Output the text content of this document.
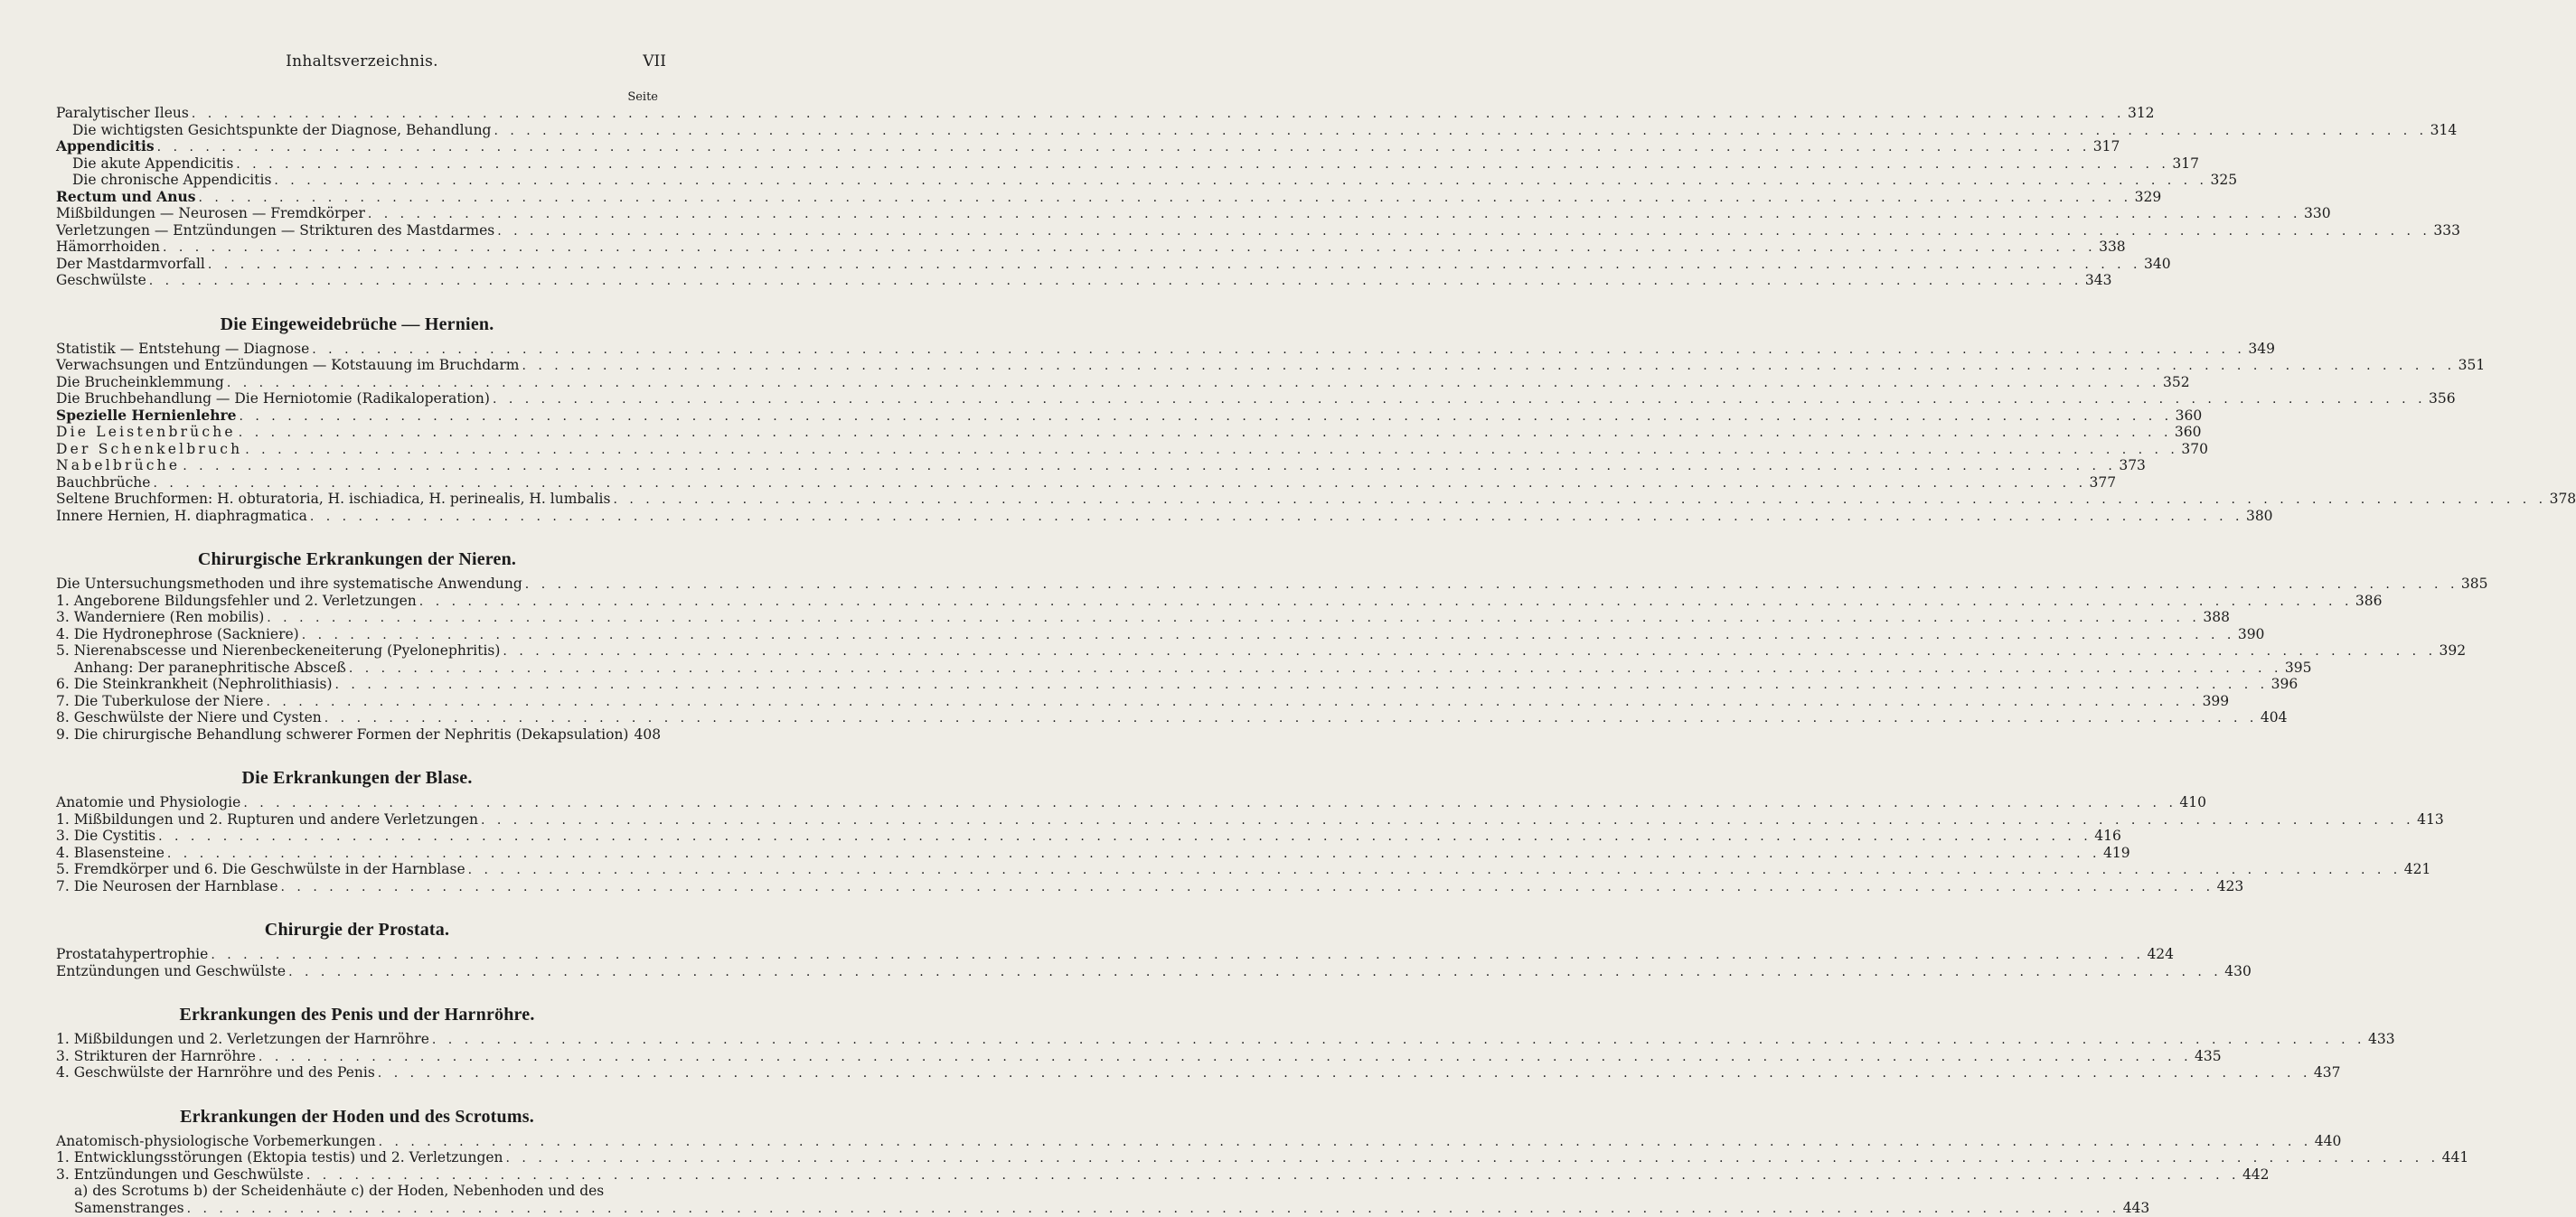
Inhaltsverzeichnis.	VII
Seite
Paralytischer Ileus . . . . . . . . . . . . . . . . . . . . . . . . . . . . . . . . . . . . . . . . . . . . . . . . . . . . . . . . . . . . . . . . . . . . . . . . . . . . . . . . . . . . . . . . . . . . . . . . . . . . . . . . . . . . . . . . . . . . . . . . 312
Die wichtigsten Gesichtspunkte der Diagnose, Behandlung . . . . . . . . . . . . . . . . . . . . . . . . . . . . . . . . . . . . . . . . . . . . . . . . . . . . . . . . . . . . . . . . . . . . . . . . . . . . . . . . . . . . . . . . . . . . . . . . . . . . . . . . . . . . . . . . . . . . . . . . 314
Appendicitis . . . . . . . . . . . . . . . . . . . . . . . . . . . . . . . . . . . . . . . . . . . . . . . . . . . . . . . . . . . . . . . . . . . . . . . . . . . . . . . . . . . . . . . . . . . . . . . . . . . . . . . . . . . . . . . . . . . . . . . . 317
Die akute Appendicitis . . . . . . . . . . . . . . . . . . . . . . . . . . . . . . . . . . . . . . . . . . . . . . . . . . . . . . . . . . . . . . . . . . . . . . . . . . . . . . . . . . . . . . . . . . . . . . . . . . . . . . . . . . . . . . . . . . . . . . . . 317
Die chronische Appendicitis . . . . . . . . . . . . . . . . . . . . . . . . . . . . . . . . . . . . . . . . . . . . . . . . . . . . . . . . . . . . . . . . . . . . . . . . . . . . . . . . . . . . . . . . . . . . . . . . . . . . . . . . . . . . . . . . . . . . . . . . 325
Rectum und Anus . . . . . . . . . . . . . . . . . . . . . . . . . . . . . . . . . . . . . . . . . . . . . . . . . . . . . . . . . . . . . . . . . . . . . . . . . . . . . . . . . . . . . . . . . . . . . . . . . . . . . . . . . . . . . . . . . . . . . . . . 329
Mißbildungen — Neurosen — Fremdkörper . . . . . . . . . . . . . . . . . . . . . . . . . . . . . . . . . . . . . . . . . . . . . . . . . . . . . . . . . . . . . . . . . . . . . . . . . . . . . . . . . . . . . . . . . . . . . . . . . . . . . . . . . . . . . . . . . . . . . . . . 330
Verletzungen — Entzündungen — Strikturen des Mastdarmes . . . . . . . . . . . . . . . . . . . . . . . . . . . . . . . . . . . . . . . . . . . . . . . . . . . . . . . . . . . . . . . . . . . . . . . . . . . . . . . . . . . . . . . . . . . . . . . . . . . . . . . . . . . . . . . . . . . . . . . . 333
Hämorrhoiden . . . . . . . . . . . . . . . . . . . . . . . . . . . . . . . . . . . . . . . . . . . . . . . . . . . . . . . . . . . . . . . . . . . . . . . . . . . . . . . . . . . . . . . . . . . . . . . . . . . . . . . . . . . . . . . . . . . . . . . . 338
Der Mastdarmvorfall . . . . . . . . . . . . . . . . . . . . . . . . . . . . . . . . . . . . . . . . . . . . . . . . . . . . . . . . . . . . . . . . . . . . . . . . . . . . . . . . . . . . . . . . . . . . . . . . . . . . . . . . . . . . . . . . . . . . . . . . 340
Geschwülste . . . . . . . . . . . . . . . . . . . . . . . . . . . . . . . . . . . . . . . . . . . . . . . . . . . . . . . . . . . . . . . . . . . . . . . . . . . . . . . . . . . . . . . . . . . . . . . . . . . . . . . . . . . . . . . . . . . . . . . . 343
Die Eingeweidebrüche — Hernien.
Statistik — Entstehung — Diagnose . . . . . . . . . . . . . . . . . . . . . . . . . . . . . . . . . . . . . . . . . . . . . . . . . . . . . . . . . . . . . . . . . . . . . . . . . . . . . . . . . . . . . . . . . . . . . . . . . . . . . . . . . . . . . . . . . . . . . . . . 349
Verwachsungen und Entzündungen — Kotstauung im Bruchdarm . . . . . . . . . . . . . . . . . . . . . . . . . . . . . . . . . . . . . . . . . . . . . . . . . . . . . . . . . . . . . . . . . . . . . . . . . . . . . . . . . . . . . . . . . . . . . . . . . . . . . . . . . . . . . . . . . . . . . . . . 351
Die Brucheinklemmung . . . . . . . . . . . . . . . . . . . . . . . . . . . . . . . . . . . . . . . . . . . . . . . . . . . . . . . . . . . . . . . . . . . . . . . . . . . . . . . . . . . . . . . . . . . . . . . . . . . . . . . . . . . . . . . . . . . . . . . . 352
Die Bruchbehandlung — Die Herniotomie (Radikaloperation) . . . . . . . . . . . . . . . . . . . . . . . . . . . . . . . . . . . . . . . . . . . . . . . . . . . . . . . . . . . . . . . . . . . . . . . . . . . . . . . . . . . . . . . . . . . . . . . . . . . . . . . . . . . . . . . . . . . . . . . . 356
Spezielle Hernienlehre . . . . . . . . . . . . . . . . . . . . . . . . . . . . . . . . . . . . . . . . . . . . . . . . . . . . . . . . . . . . . . . . . . . . . . . . . . . . . . . . . . . . . . . . . . . . . . . . . . . . . . . . . . . . . . . . . . . . . . . . 360
Die Leistenbrüche . . . . . . . . . . . . . . . . . . . . . . . . . . . . . . . . . . . . . . . . . . . . . . . . . . . . . . . . . . . . . . . . . . . . . . . . . . . . . . . . . . . . . . . . . . . . . . . . . . . . . . . . . . . . . . . . . . . . . . . . 360
Der Schenkelbruch . . . . . . . . . . . . . . . . . . . . . . . . . . . . . . . . . . . . . . . . . . . . . . . . . . . . . . . . . . . . . . . . . . . . . . . . . . . . . . . . . . . . . . . . . . . . . . . . . . . . . . . . . . . . . . . . . . . . . . . . 370
Nabelbrüche . . . . . . . . . . . . . . . . . . . . . . . . . . . . . . . . . . . . . . . . . . . . . . . . . . . . . . . . . . . . . . . . . . . . . . . . . . . . . . . . . . . . . . . . . . . . . . . . . . . . . . . . . . . . . . . . . . . . . . . . 373
Bauchbrüche . . . . . . . . . . . . . . . . . . . . . . . . . . . . . . . . . . . . . . . . . . . . . . . . . . . . . . . . . . . . . . . . . . . . . . . . . . . . . . . . . . . . . . . . . . . . . . . . . . . . . . . . . . . . . . . . . . . . . . . . 377
Seltene Bruchformen: H. obturatoria, H. ischiadica, H. perinealis, H. lumbalis . . . . . . . . . . . . . . . . . . . . . . . . . . . . . . . . . . . . . . . . . . . . . . . . . . . . . . . . . . . . . . . . . . . . . . . . . . . . . . . . . . . . . . . . . . . . . . . . . . . . . . . . . . . . . . . . . . . . . . . . 378
Innere Hernien, H. diaphragmatica . . . . . . . . . . . . . . . . . . . . . . . . . . . . . . . . . . . . . . . . . . . . . . . . . . . . . . . . . . . . . . . . . . . . . . . . . . . . . . . . . . . . . . . . . . . . . . . . . . . . . . . . . . . . . . . . . . . . . . . . 380
Chirurgische Erkrankungen der Nieren.
Die Untersuchungsmethoden und ihre systematische Anwendung . . . . . . . . . . . . . . . . . . . . . . . . . . . . . . . . . . . . . . . . . . . . . . . . . . . . . . . . . . . . . . . . . . . . . . . . . . . . . . . . . . . . . . . . . . . . . . . . . . . . . . . . . . . . . . . . . . . . . . . . 385
1. Angeborene Bildungsfehler und 2. Verletzungen . . . . . . . . . . . . . . . . . . . . . . . . . . . . . . . . . . . . . . . . . . . . . . . . . . . . . . . . . . . . . . . . . . . . . . . . . . . . . . . . . . . . . . . . . . . . . . . . . . . . . . . . . . . . . . . . . . . . . . . . 386
3. Wanderniere (Ren mobilis) . . . . . . . . . . . . . . . . . . . . . . . . . . . . . . . . . . . . . . . . . . . . . . . . . . . . . . . . . . . . . . . . . . . . . . . . . . . . . . . . . . . . . . . . . . . . . . . . . . . . . . . . . . . . . . . . . . . . . . . . 388
4. Die Hydronephrose (Sackniere) . . . . . . . . . . . . . . . . . . . . . . . . . . . . . . . . . . . . . . . . . . . . . . . . . . . . . . . . . . . . . . . . . . . . . . . . . . . . . . . . . . . . . . . . . . . . . . . . . . . . . . . . . . . . . . . . . . . . . . . . 390
5. Nierenabscesse und Nierenbeckeneiterung (Pyelonephritis) . . . . . . . . . . . . . . . . . . . . . . . . . . . . . . . . . . . . . . . . . . . . . . . . . . . . . . . . . . . . . . . . . . . . . . . . . . . . . . . . . . . . . . . . . . . . . . . . . . . . . . . . . . . . . . . . . . . . . . . . 392
Anhang: Der paranephritische Absceß . . . . . . . . . . . . . . . . . . . . . . . . . . . . . . . . . . . . . . . . . . . . . . . . . . . . . . . . . . . . . . . . . . . . . . . . . . . . . . . . . . . . . . . . . . . . . . . . . . . . . . . . . . . . . . . . . . . . . . . . 395
6. Die Steinkrankheit (Nephrolithiasis) . . . . . . . . . . . . . . . . . . . . . . . . . . . . . . . . . . . . . . . . . . . . . . . . . . . . . . . . . . . . . . . . . . . . . . . . . . . . . . . . . . . . . . . . . . . . . . . . . . . . . . . . . . . . . . . . . . . . . . . . 396
7. Die Tuberkulose der Niere . . . . . . . . . . . . . . . . . . . . . . . . . . . . . . . . . . . . . . . . . . . . . . . . . . . . . . . . . . . . . . . . . . . . . . . . . . . . . . . . . . . . . . . . . . . . . . . . . . . . . . . . . . . . . . . . . . . . . . . . 399
8. Geschwülste der Niere und Cysten . . . . . . . . . . . . . . . . . . . . . . . . . . . . . . . . . . . . . . . . . . . . . . . . . . . . . . . . . . . . . . . . . . . . . . . . . . . . . . . . . . . . . . . . . . . . . . . . . . . . . . . . . . . . . . . . . . . . . . . . 404
9. Die chirurgische Behandlung schwerer Formen der Nephritis (Dekapsulation) 408
Die Erkrankungen der Blase.
Anatomie und Physiologie . . . . . . . . . . . . . . . . . . . . . . . . . . . . . . . . . . . . . . . . . . . . . . . . . . . . . . . . . . . . . . . . . . . . . . . . . . . . . . . . . . . . . . . . . . . . . . . . . . . . . . . . . . . . . . . . . . . . . . . . 410
1. Mißbildungen und 2. Rupturen und andere Verletzungen . . . . . . . . . . . . . . . . . . . . . . . . . . . . . . . . . . . . . . . . . . . . . . . . . . . . . . . . . . . . . . . . . . . . . . . . . . . . . . . . . . . . . . . . . . . . . . . . . . . . . . . . . . . . . . . . . . . . . . . . 413
3. Die Cystitis . . . . . . . . . . . . . . . . . . . . . . . . . . . . . . . . . . . . . . . . . . . . . . . . . . . . . . . . . . . . . . . . . . . . . . . . . . . . . . . . . . . . . . . . . . . . . . . . . . . . . . . . . . . . . . . . . . . . . . . . 416
4. Blasensteine . . . . . . . . . . . . . . . . . . . . . . . . . . . . . . . . . . . . . . . . . . . . . . . . . . . . . . . . . . . . . . . . . . . . . . . . . . . . . . . . . . . . . . . . . . . . . . . . . . . . . . . . . . . . . . . . . . . . . . . . 419
5. Fremdkörper und 6. Die Geschwülste in der Harnblase . . . . . . . . . . . . . . . . . . . . . . . . . . . . . . . . . . . . . . . . . . . . . . . . . . . . . . . . . . . . . . . . . . . . . . . . . . . . . . . . . . . . . . . . . . . . . . . . . . . . . . . . . . . . . . . . . . . . . . . . 421
7. Die Neurosen der Harnblase . . . . . . . . . . . . . . . . . . . . . . . . . . . . . . . . . . . . . . . . . . . . . . . . . . . . . . . . . . . . . . . . . . . . . . . . . . . . . . . . . . . . . . . . . . . . . . . . . . . . . . . . . . . . . . . . . . . . . . . . 423
Chirurgie der Prostata.
Prostatahypertrophie . . . . . . . . . . . . . . . . . . . . . . . . . . . . . . . . . . . . . . . . . . . . . . . . . . . . . . . . . . . . . . . . . . . . . . . . . . . . . . . . . . . . . . . . . . . . . . . . . . . . . . . . . . . . . . . . . . . . . . . . 424
Entzündungen und Geschwülste . . . . . . . . . . . . . . . . . . . . . . . . . . . . . . . . . . . . . . . . . . . . . . . . . . . . . . . . . . . . . . . . . . . . . . . . . . . . . . . . . . . . . . . . . . . . . . . . . . . . . . . . . . . . . . . . . . . . . . . . 430
Erkrankungen des Penis und der Harnröhre.
1. Mißbildungen und 2. Verletzungen der Harnröhre . . . . . . . . . . . . . . . . . . . . . . . . . . . . . . . . . . . . . . . . . . . . . . . . . . . . . . . . . . . . . . . . . . . . . . . . . . . . . . . . . . . . . . . . . . . . . . . . . . . . . . . . . . . . . . . . . . . . . . . . 433
3. Strikturen der Harnröhre . . . . . . . . . . . . . . . . . . . . . . . . . . . . . . . . . . . . . . . . . . . . . . . . . . . . . . . . . . . . . . . . . . . . . . . . . . . . . . . . . . . . . . . . . . . . . . . . . . . . . . . . . . . . . . . . . . . . . . . . 435
4. Geschwülste der Harnröhre und des Penis . . . . . . . . . . . . . . . . . . . . . . . . . . . . . . . . . . . . . . . . . . . . . . . . . . . . . . . . . . . . . . . . . . . . . . . . . . . . . . . . . . . . . . . . . . . . . . . . . . . . . . . . . . . . . . . . . . . . . . . . 437
Erkrankungen der Hoden und des Scrotums.
Anatomisch-physiologische Vorbemerkungen . . . . . . . . . . . . . . . . . . . . . . . . . . . . . . . . . . . . . . . . . . . . . . . . . . . . . . . . . . . . . . . . . . . . . . . . . . . . . . . . . . . . . . . . . . . . . . . . . . . . . . . . . . . . . . . . . . . . . . . . 440
1. Entwicklungsstörungen (Ektopia testis) und 2. Verletzungen . . . . . . . . . . . . . . . . . . . . . . . . . . . . . . . . . . . . . . . . . . . . . . . . . . . . . . . . . . . . . . . . . . . . . . . . . . . . . . . . . . . . . . . . . . . . . . . . . . . . . . . . . . . . . . . . . . . . . . . . 441
3. Entzündungen und Geschwülste . . . . . . . . . . . . . . . . . . . . . . . . . . . . . . . . . . . . . . . . . . . . . . . . . . . . . . . . . . . . . . . . . . . . . . . . . . . . . . . . . . . . . . . . . . . . . . . . . . . . . . . . . . . . . . . . . . . . . . . . 442
a) des Scrotums b) der Scheidenhäute c) der Hoden, Nebenhoden und des
Samenstranges . . . . . . . . . . . . . . . . . . . . . . . . . . . . . . . . . . . . . . . . . . . . . . . . . . . . . . . . . . . . . . . . . . . . . . . . . . . . . . . . . . . . . . . . . . . . . . . . . . . . . . . . . . . . . . . . . . . . . . . . 443
